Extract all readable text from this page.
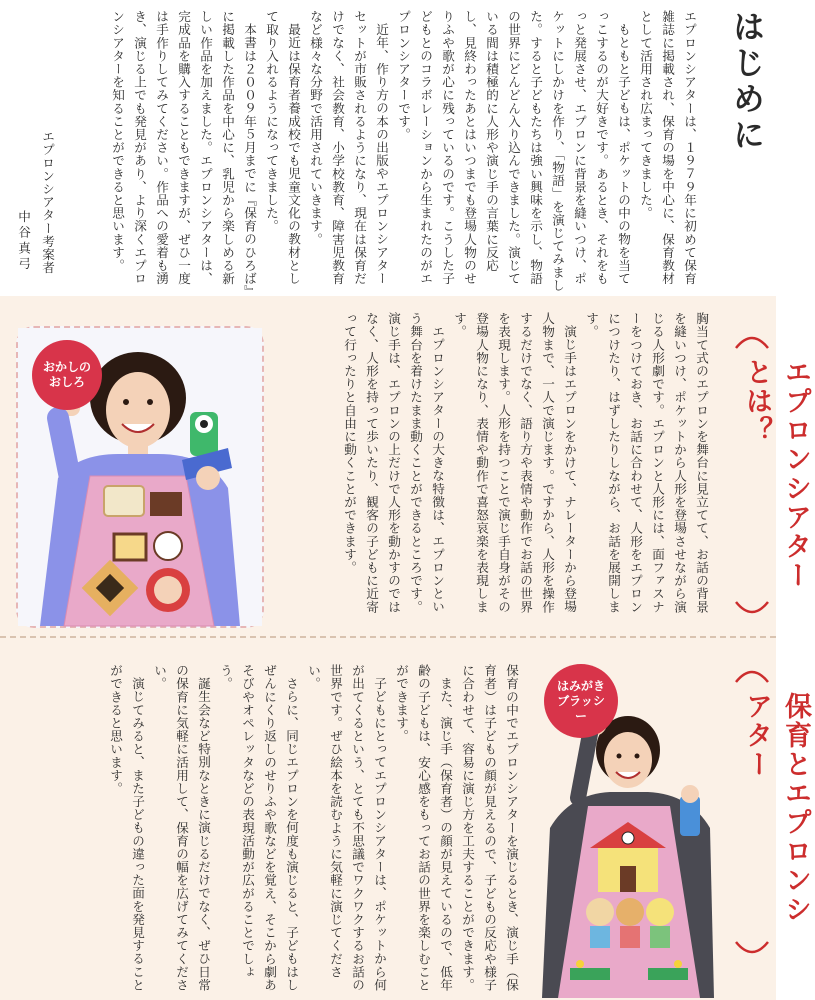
はじめに

エプロンシアターは、１９７９年に初めて保育雑誌に掲載され、保育の場を中心に、保育教材として活用され広まってきました。

もともと子どもは、ポケットの中の物を当てっこするのが大好きです。あるとき、それをもっと発展させ、エプロンに背景を縫いつけ、ポケットにしかけを作り、「物語」を演じてみました。すると子どもたちは強い興味を示し、物語の世界にどんどん入り込んできました。演じている間は積極的に人形や演じ手の言葉に反応し、見終わったあとはいつまでも登場人物のせりふや歌が心に残っているのです。こうした子どもとのコラボレーションから生まれたのがエプロンシアターです。

近年、作り方の本の出版やエプロンシアターセットが市販されるようになり、現在は保育だけでなく、社会教育、小学校教育、障害児教育など様々な分野で活用されていきます。

最近は保育者養成校でも児童文化の教材として取り入れるようになってきました。

本書は２００９年５月までに『保育のひろば』に掲載した作品を中心に、乳児から楽しめる新しい作品を加えました。エプロンシアターは、完成品を購入することもできますが、ぜひ一度は手作りしてみてください。作品への愛着も湧き、演じる上でも発見があり、より深くエプロンシアターを知ることができると思います。

エプロンシアター考案者
中谷真弓
エプロンシアターとは？

胸当て式のエプロンを舞台に見立てて、お話の背景を縫いつけ、ポケットから人形を登場させながら演じる人形劇です。エプロンと人形には、面ファスナーをつけておき、お話に合わせて、人形をエプロンにつけたり、はずしたりしながら、お話を展開します。

演じ手はエプロンをかけて、ナレーターから登場人物まで、一人で演じます。ですから、人形を操作するだけでなく、語り方や表情や動作でお話の世界を表現します。人形を持つことで演じ手自身がその登場人物になり、表情や動作で喜怒哀楽を表現します。

エプロンシアターの大きな特徴は、エプロンという舞台を着けたまま動くことができるところです。演じ手は、エプロンの上だけで人形を動かすのではなく、人形を持って歩いたり、観客の子どもに近寄って行ったりと自由に動くことができます。

おかしのおしろ
保育とエプロンシアター

保育の中でエプロンシアターを演じるとき、演じ手（保育者）は子どもの顔が見えるので、子どもの反応や様子に合わせて、容易に演じ方を工夫することができます。

また、演じ手（保育者）の顔が見えているので、低年齢の子どもは、安心感をもってお話の世界を楽しむことができます。

子どもにとってエプロンシアターは、ポケットから何が出てくるという、とても不思議でワクワクするお話の世界です。ぜひ絵本を読むように気軽に演じてください。

さらに、同じエプロンを何度も演じると、子どもはしぜんにくり返しのせりふや歌などを覚え、そこから劇あそびやオペレッタなどの表現活動が広がることでしょう。

誕生会など特別なときに演じるだけでなく、ぜひ日常の保育に気軽に活用して、保育の幅を広げてみてください。

演じてみると、また子どもの違った面を発見することができると思います。	はみがきブラッシー
